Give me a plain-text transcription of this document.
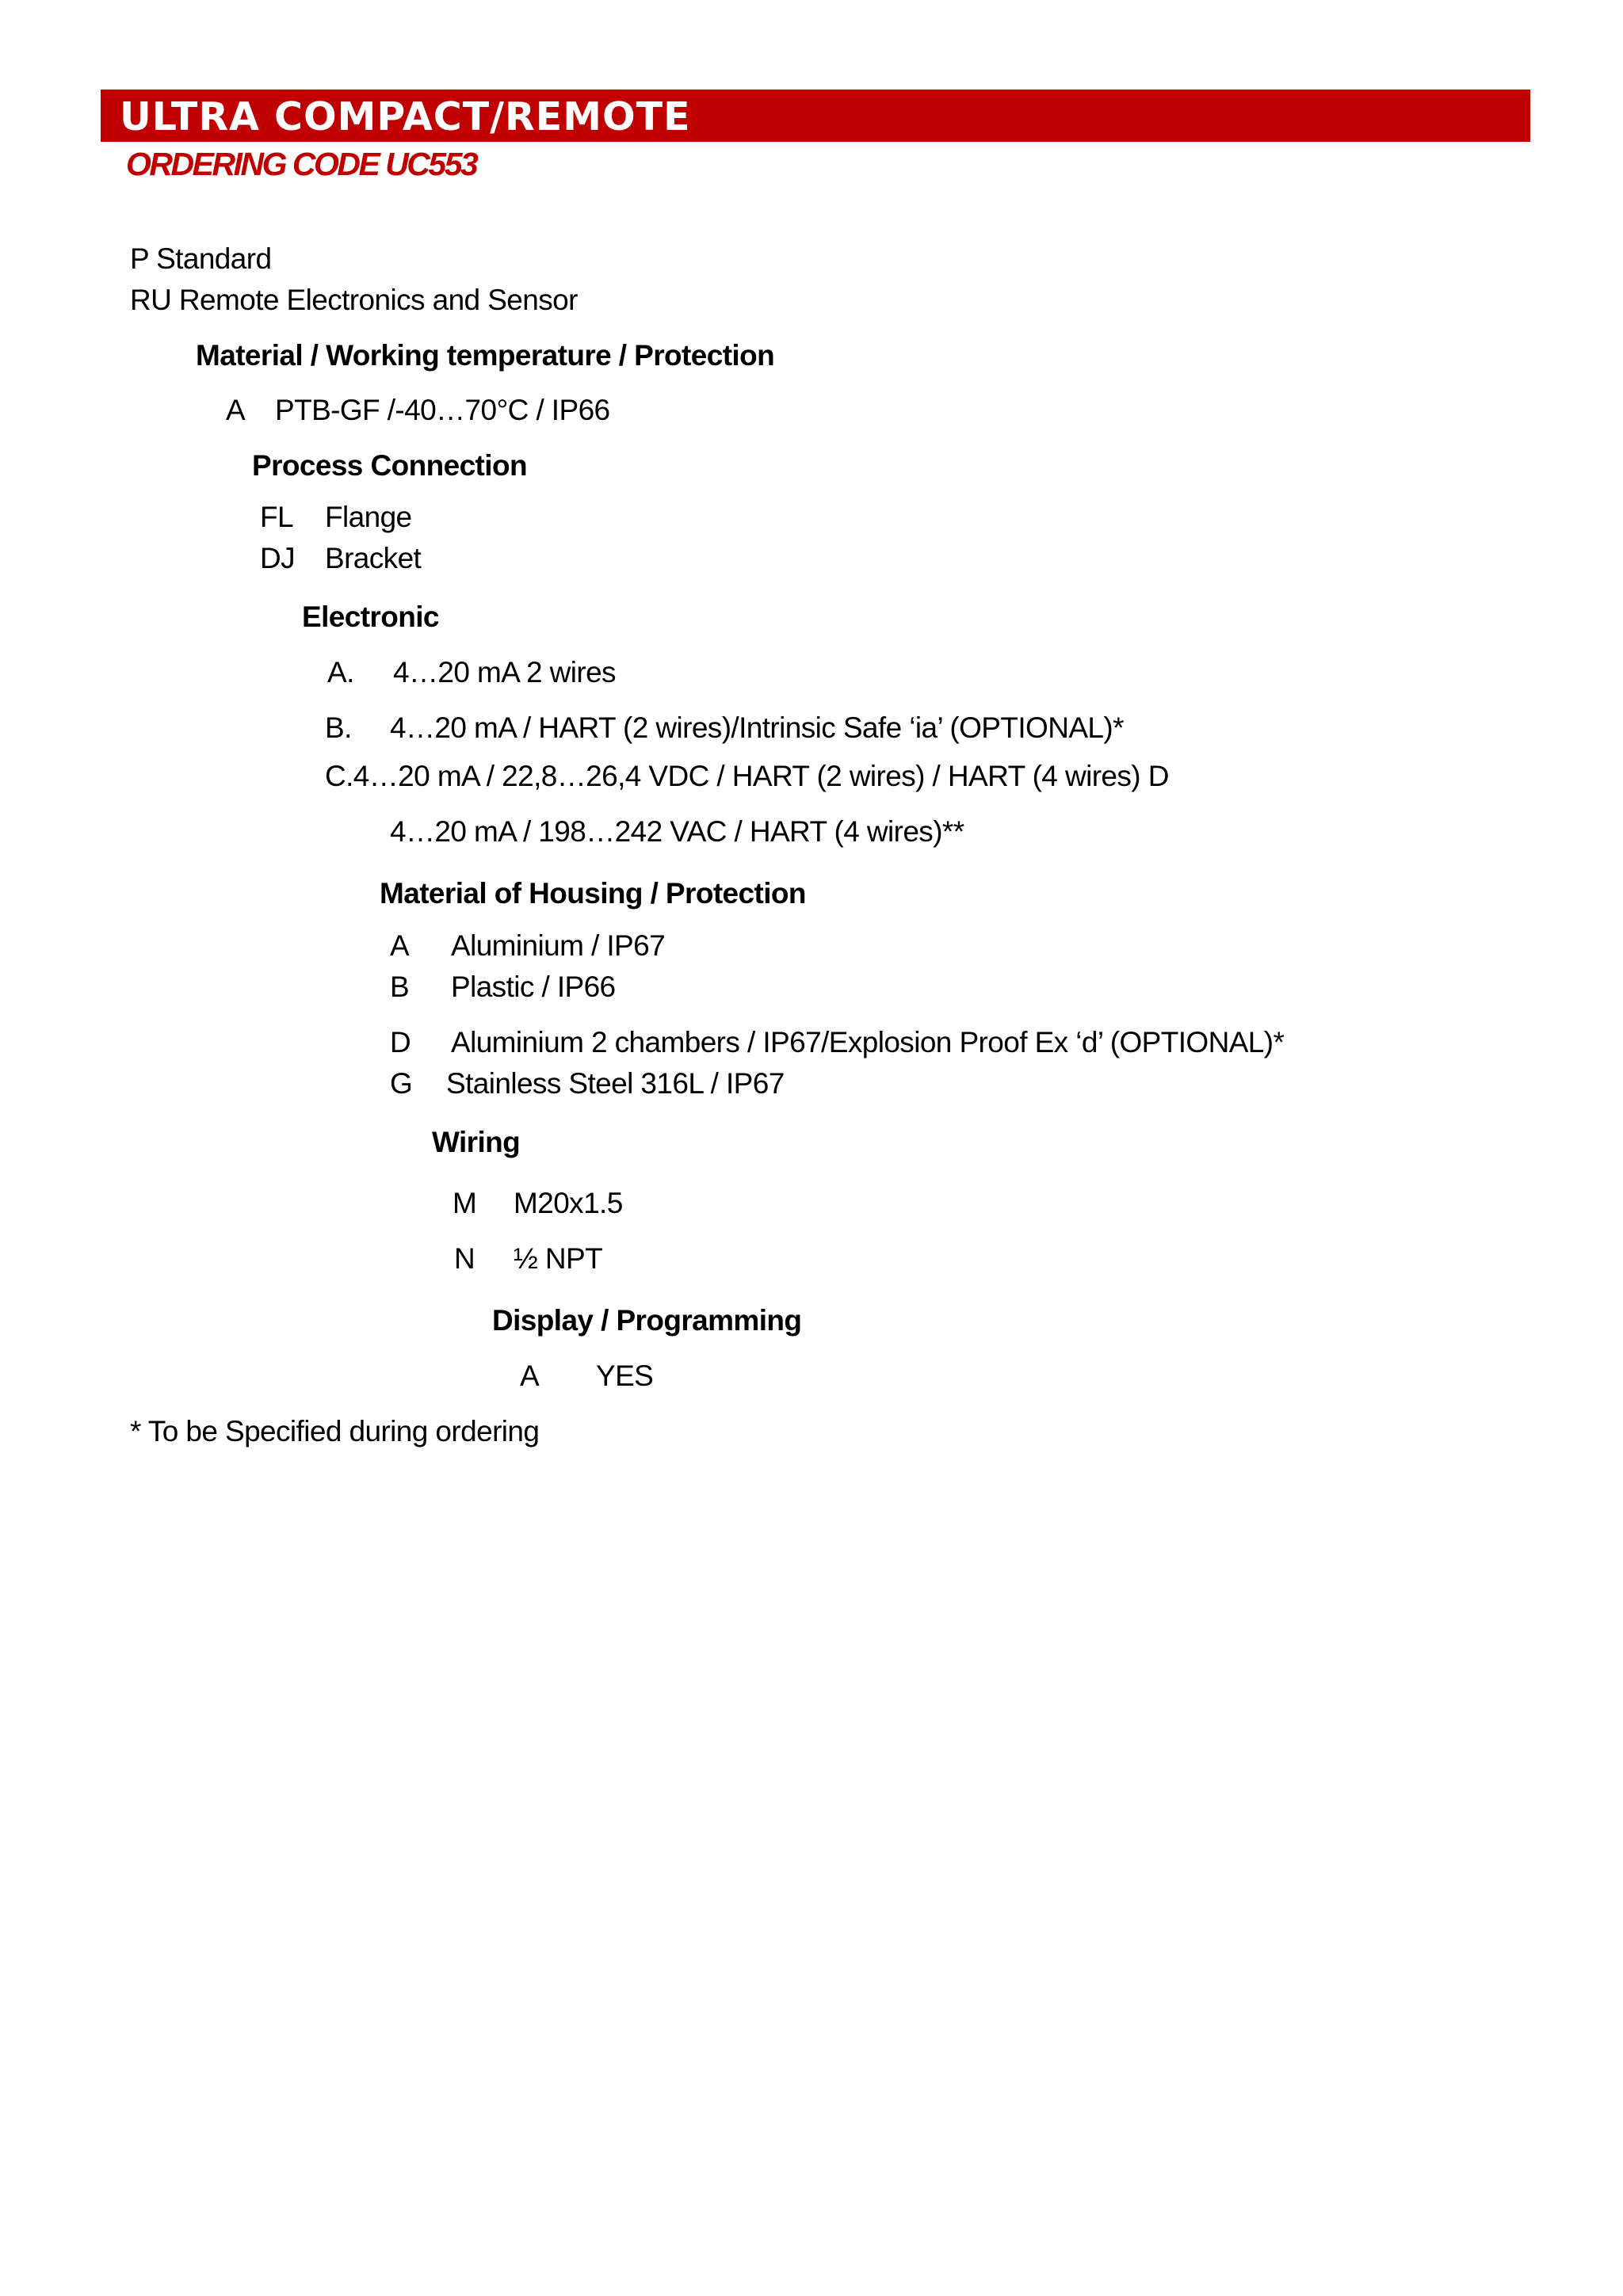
ULTRA COMPACT/REMOTE
ORDERING CODE UC553
P Standard
RU Remote Electronics and Sensor
Material / Working temperature / Protection
A PTB-GF /-40…70°C / IP66
Process Connection
FL Flange
DJ Bracket
Electronic
A. 4…20 mA 2 wires
B. 4…20 mA / HART (2 wires)/Intrinsic Safe ‘ia’ (OPTIONAL)*
C.4…20 mA / 22,8…26,4 VDC / HART (2 wires) / HART (4 wires) D
4…20 mA / 198…242 VAC / HART (4 wires)**
Material of Housing / Protection
A Aluminium / IP67
B Plastic / IP66
D Aluminium 2 chambers / IP67/Explosion Proof Ex ‘d’ (OPTIONAL)*
G Stainless Steel 316L / IP67
Wiring
M M20x1.5
N ½ NPT
Display / Programming
A YES
* To be Specified during ordering
